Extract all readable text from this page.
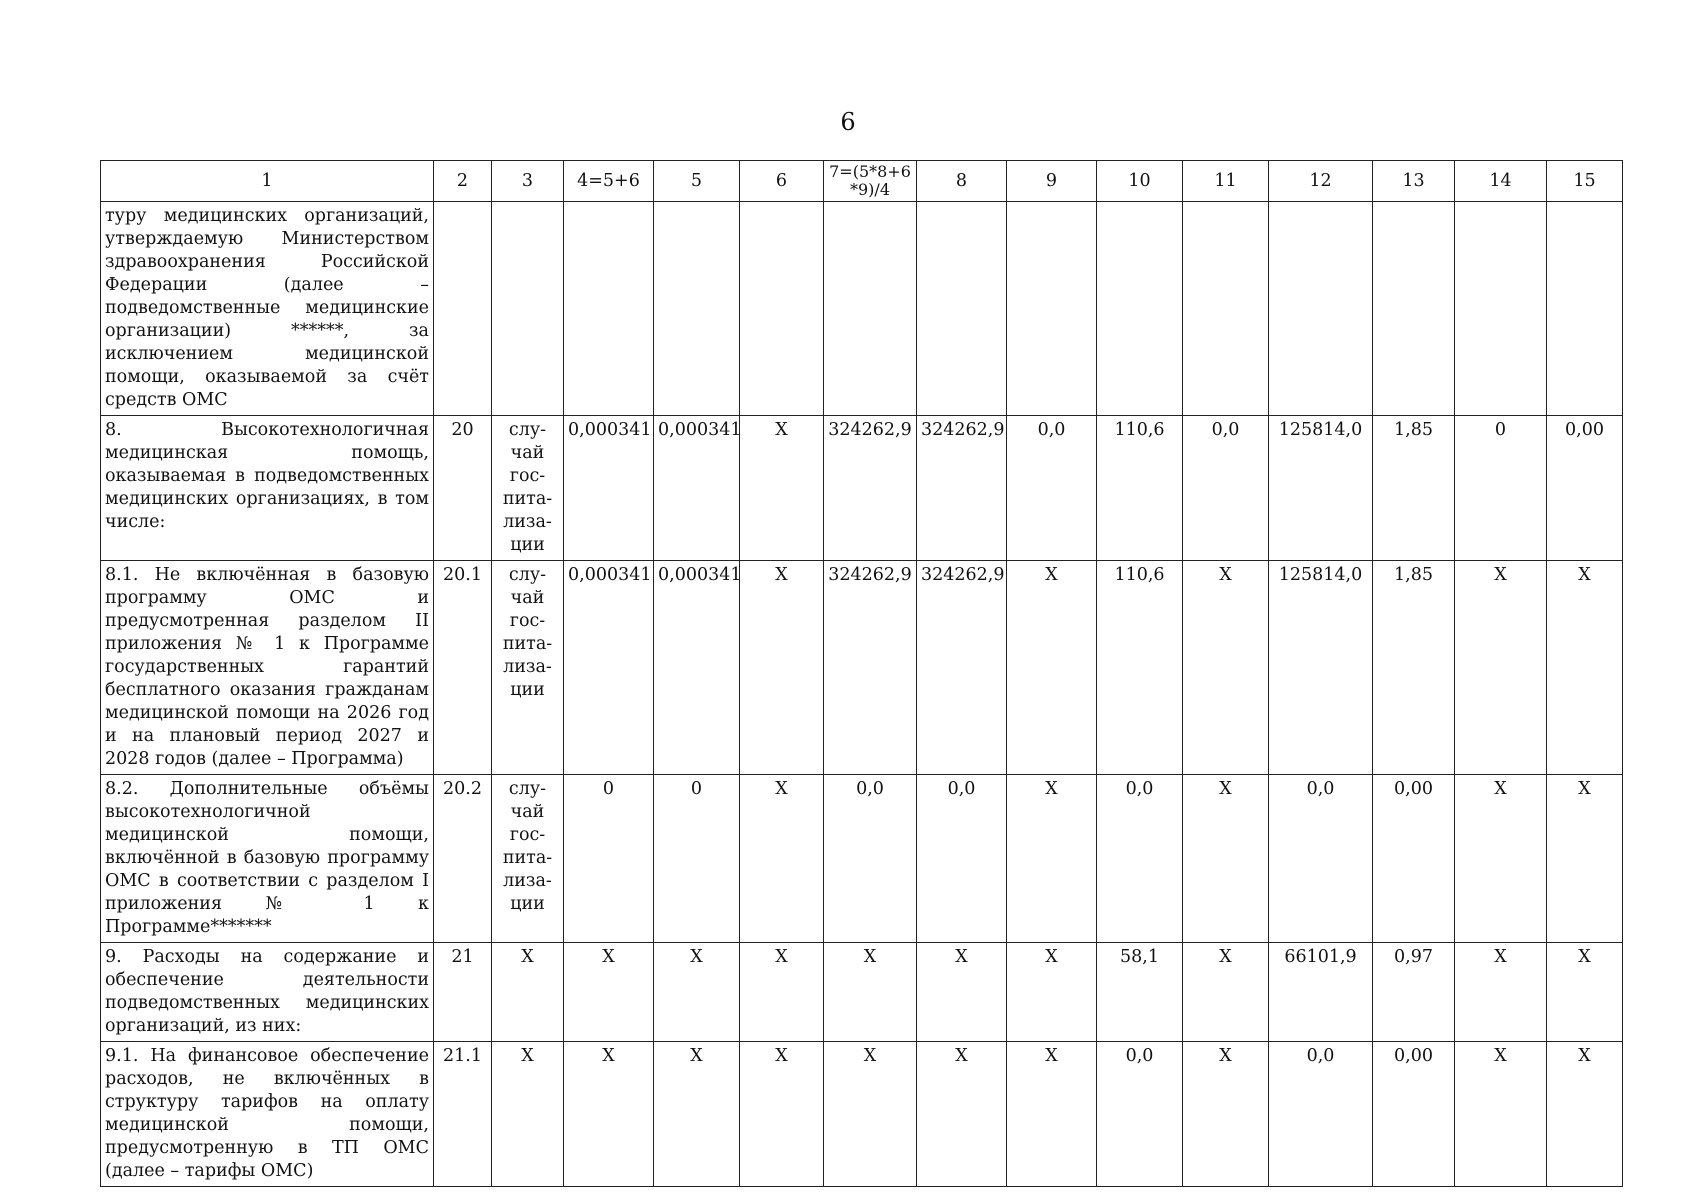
6
1	2	3	4=5+6	5	6	7=(5*8+6 *9)/4	8	9	10	11	12	13	14	15
туру медицинских организаций, утверждаемую Министерством здравоохранения Российской Федерации (далее – подведомственные медицинские организации) ******, за исключением медицинской помощи, оказываемой за счёт средств ОМС														
8. Высокотехнологичная медицинская помощь, оказываемая в подведомственных медицинских организациях, в том числе:	20	слу-чай гос-пита-лиза-ции	0,000341	0,000341	X	324262,9	324262,9	0,0	110,6	0,0	125814,0	1,85	0	0,00
8.1. Не включённая в базовую программу ОМС и предусмотренная разделом II приложения № 1 к Программе государственных гарантий бесплатного оказания гражданам медицинской помощи на 2026 год и на плановый период 2027 и 2028 годов (далее – Программа)	20.1	слу-чай гос-пита-лиза-ции	0,000341	0,000341	X	324262,9	324262,9	X	110,6	X	125814,0	1,85	X	X
8.2. Дополнительные объёмы высокотехнологичной медицинской помощи, включённой в базовую программу ОМС в соответствии с разделом I приложения № 1 к Программе*******	20.2	слу-чай гос-пита-лиза-ции	0	0	X	0,0	0,0	X	0,0	X	0,0	0,00	X	X
9. Расходы на содержание и обеспечение деятельности подведомственных медицинских организаций, из них:	21	X	X	X	X	X	X	X	58,1	X	66101,9	0,97	X	X
9.1. На финансовое обеспечение расходов, не включённых в структуру тарифов на оплату медицинской помощи, предусмотренную в ТП ОМС (далее – тарифы ОМС)	21.1	X	X	X	X	X	X	X	0,0	X	0,0	0,00	X	X
